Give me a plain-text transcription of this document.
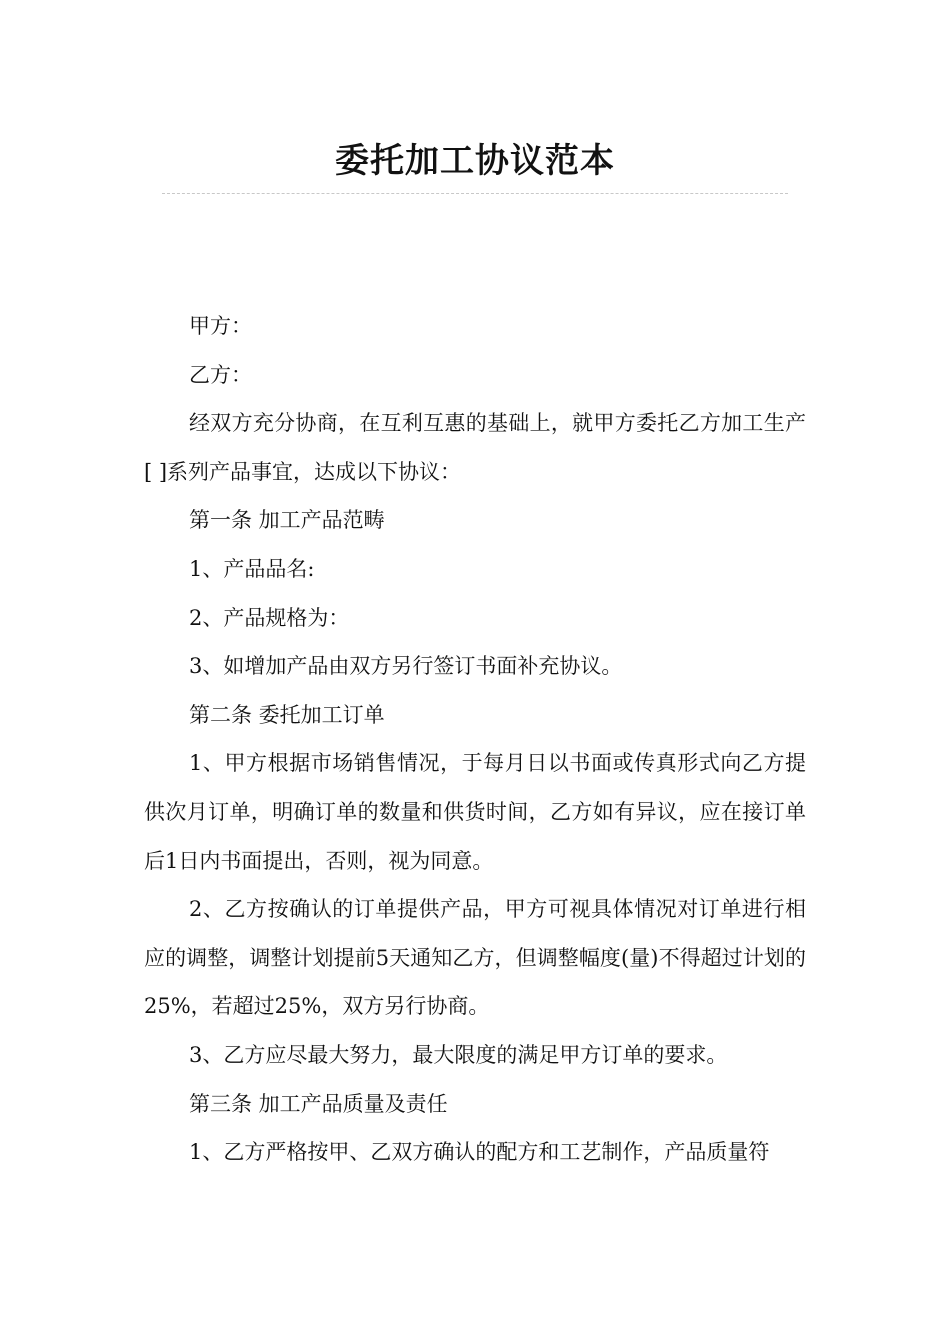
委托加工协议范本

甲方：

乙方：

经双方充分协商，在互利互惠的基础上，就甲方委托乙方加工生产[ ]系列产品事宜，达成以下协议：

第一条 加工产品范畴

1、产品品名:

2、产品规格为：

3、如增加产品由双方另行签订书面补充协议。

第二条 委托加工订单

1、甲方根据市场销售情况，于每月日以书面或传真形式向乙方提供次月订单，明确订单的数量和供货时间，乙方如有异议，应在接订单后1日内书面提出，否则，视为同意。

2、乙方按确认的订单提供产品，甲方可视具体情况对订单进行相应的调整，调整计划提前5天通知乙方，但调整幅度(量)不得超过计划的25%，若超过25%，双方另行协商。

3、乙方应尽最大努力，最大限度的满足甲方订单的要求。

第三条 加工产品质量及责任

1、乙方严格按甲、乙双方确认的配方和工艺制作，产品质量符
